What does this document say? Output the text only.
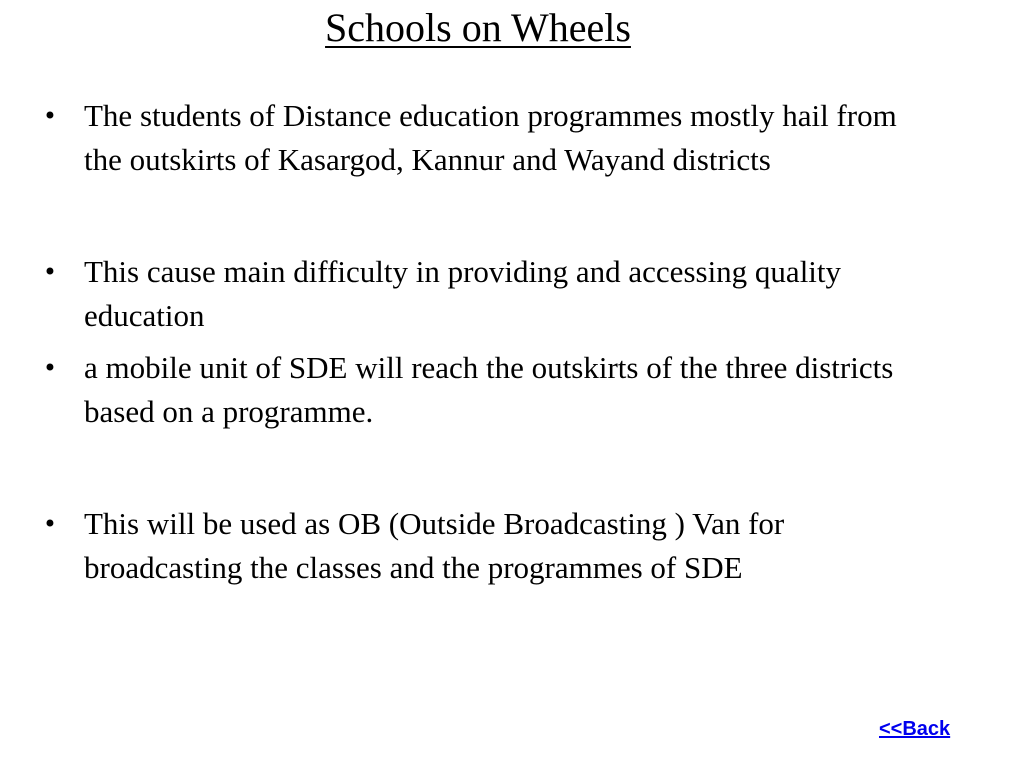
Schools on Wheels
• The students of Distance education programmes mostly hail from the outskirts of Kasargod, Kannur and Wayand districts
• This cause main difficulty in providing and accessing quality education
• a mobile unit of SDE will reach the outskirts of the three districts based on a programme.
• This will be used as OB (Outside Broadcasting ) Van for broadcasting the classes and the programmes of SDE
<<Back
